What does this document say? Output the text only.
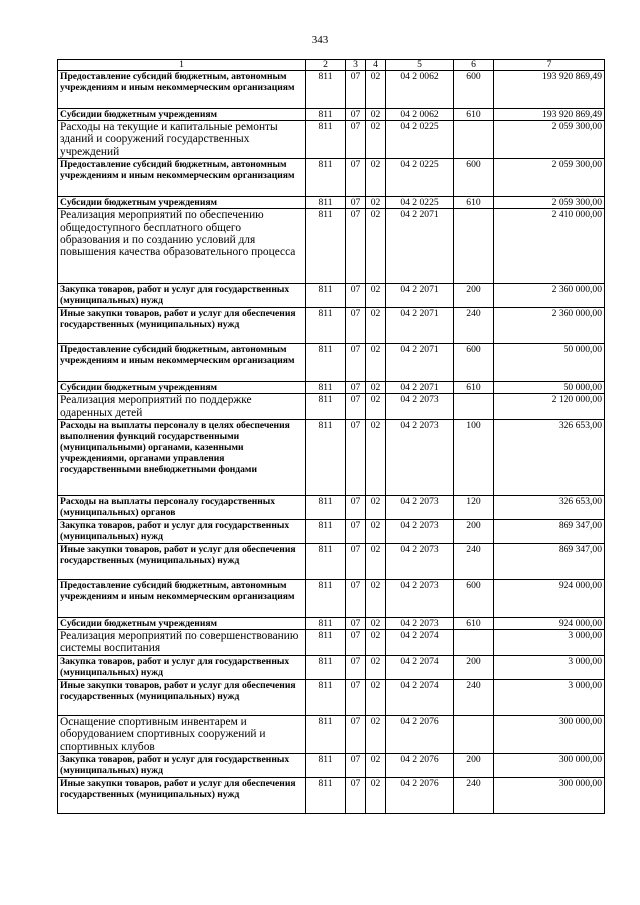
343
1	2	3	4	5	6	7
Предоставление субсидий бюджетным, автономным учреждениям и иным некоммерческим организациям	811	07	02	04 2 0062	600	193 920 869,49
Субсидии бюджетным учреждениям	811	07	02	04 2 0062	610	193 920 869,49
Расходы на текущие и капитальные ремонты зданий и сооружений государственных учреждений	811	07	02	04 2 0225		2 059 300,00
Предоставление субсидий бюджетным, автономным учреждениям и иным некоммерческим организациям	811	07	02	04 2 0225	600	2 059 300,00
Субсидии бюджетным учреждениям	811	07	02	04 2 0225	610	2 059 300,00
Реализация мероприятий по обеспечению общедоступного бесплатного общего образования и по созданию условий для повышения качества образовательного процесса	811	07	02	04 2 2071		2 410 000,00
Закупка товаров, работ и услуг для государственных (муниципальных) нужд	811	07	02	04 2 2071	200	2 360 000,00
Иные закупки товаров, работ и услуг для обеспечения государственных (муниципальных) нужд	811	07	02	04 2 2071	240	2 360 000,00
Предоставление субсидий бюджетным, автономным учреждениям и иным некоммерческим организациям	811	07	02	04 2 2071	600	50 000,00
Субсидии бюджетным учреждениям	811	07	02	04 2 2071	610	50 000,00
Реализация мероприятий по поддержке одаренных детей	811	07	02	04 2 2073		2 120 000,00
Расходы на выплаты персоналу в целях обеспечения выполнения функций государственными (муниципальными) органами, казенными учреждениями, органами управления государственными внебюджетными фондами	811	07	02	04 2 2073	100	326 653,00
Расходы на выплаты персоналу государственных (муниципальных) органов	811	07	02	04 2 2073	120	326 653,00
Закупка товаров, работ и услуг для государственных (муниципальных) нужд	811	07	02	04 2 2073	200	869 347,00
Иные закупки товаров, работ и услуг для обеспечения государственных (муниципальных) нужд	811	07	02	04 2 2073	240	869 347,00
Предоставление субсидий бюджетным, автономным учреждениям и иным некоммерческим организациям	811	07	02	04 2 2073	600	924 000,00
Субсидии бюджетным учреждениям	811	07	02	04 2 2073	610	924 000,00
Реализация мероприятий по совершенствованию системы воспитания	811	07	02	04 2 2074		3 000,00
Закупка товаров, работ и услуг для государственных (муниципальных) нужд	811	07	02	04 2 2074	200	3 000,00
Иные закупки товаров, работ и услуг для обеспечения государственных (муниципальных) нужд	811	07	02	04 2 2074	240	3 000,00
Оснащение спортивным инвентарем и оборудованием спортивных сооружений и спортивных клубов	811	07	02	04 2 2076		300 000,00
Закупка товаров, работ и услуг для государственных (муниципальных) нужд	811	07	02	04 2 2076	200	300 000,00
Иные закупки товаров, работ и услуг для обеспечения государственных (муниципальных) нужд	811	07	02	04 2 2076	240	300 000,00
